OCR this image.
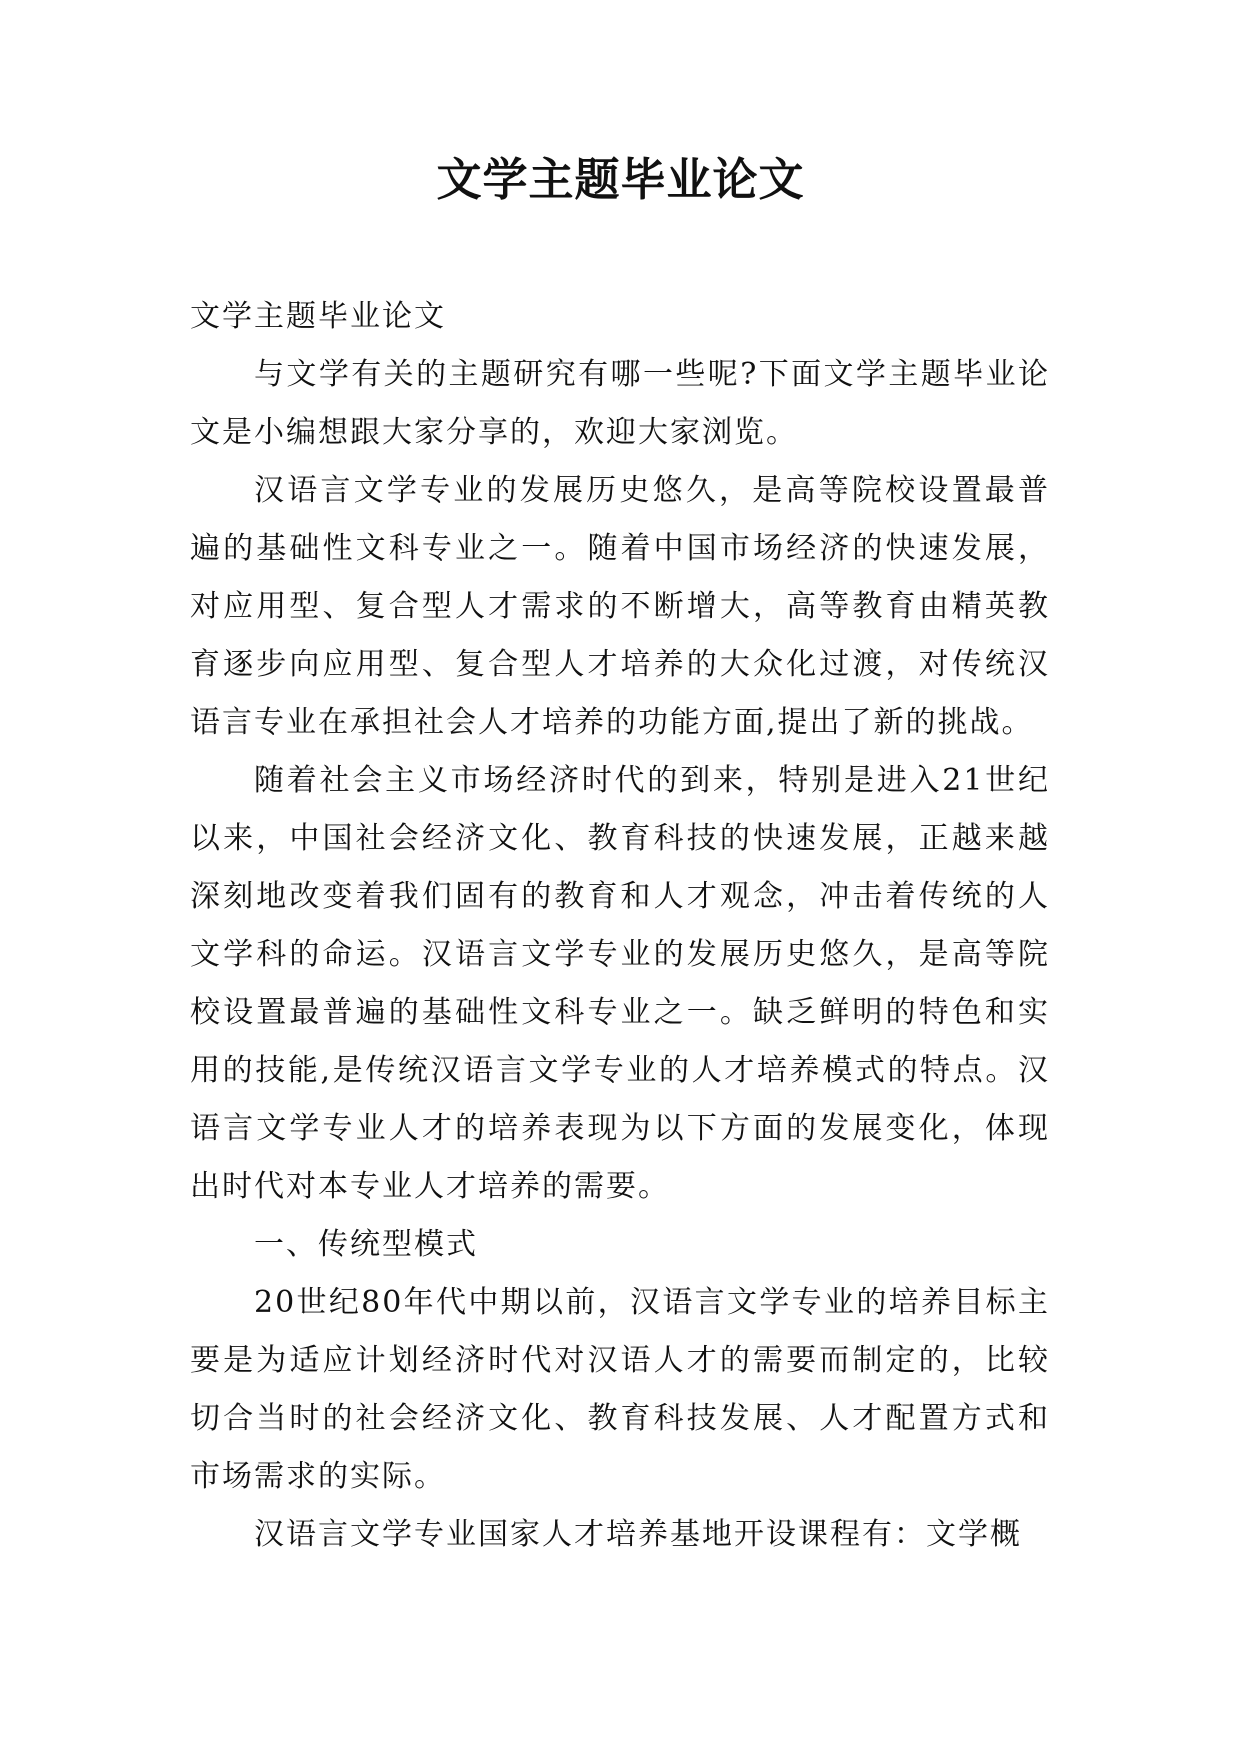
文学主题毕业论文

文学主题毕业论文

与文学有关的主题研究有哪一些呢?下面文学主题毕业论文是小编想跟大家分享的，欢迎大家浏览。

汉语言文学专业的发展历史悠久，是高等院校设置最普遍的基础性文科专业之一。随着中国市场经济的快速发展，对应用型、复合型人才需求的不断增大，高等教育由精英教育逐步向应用型、复合型人才培养的大众化过渡，对传统汉语言专业在承担社会人才培养的功能方面,提出了新的挑战。

随着社会主义市场经济时代的到来，特别是进入21世纪以来，中国社会经济文化、教育科技的快速发展，正越来越深刻地改变着我们固有的教育和人才观念，冲击着传统的人文学科的命运。汉语言文学专业的发展历史悠久，是高等院校设置最普遍的基础性文科专业之一。缺乏鲜明的特色和实用的技能,是传统汉语言文学专业的人才培养模式的特点。汉语言文学专业人才的培养表现为以下方面的发展变化，体现出时代对本专业人才培养的需要。

一、传统型模式

20世纪80年代中期以前，汉语言文学专业的培养目标主要是为适应计划经济时代对汉语人才的需要而制定的，比较切合当时的社会经济文化、教育科技发展、人才配置方式和市场需求的实际。

汉语言文学专业国家人才培养基地开设课程有：文学概
